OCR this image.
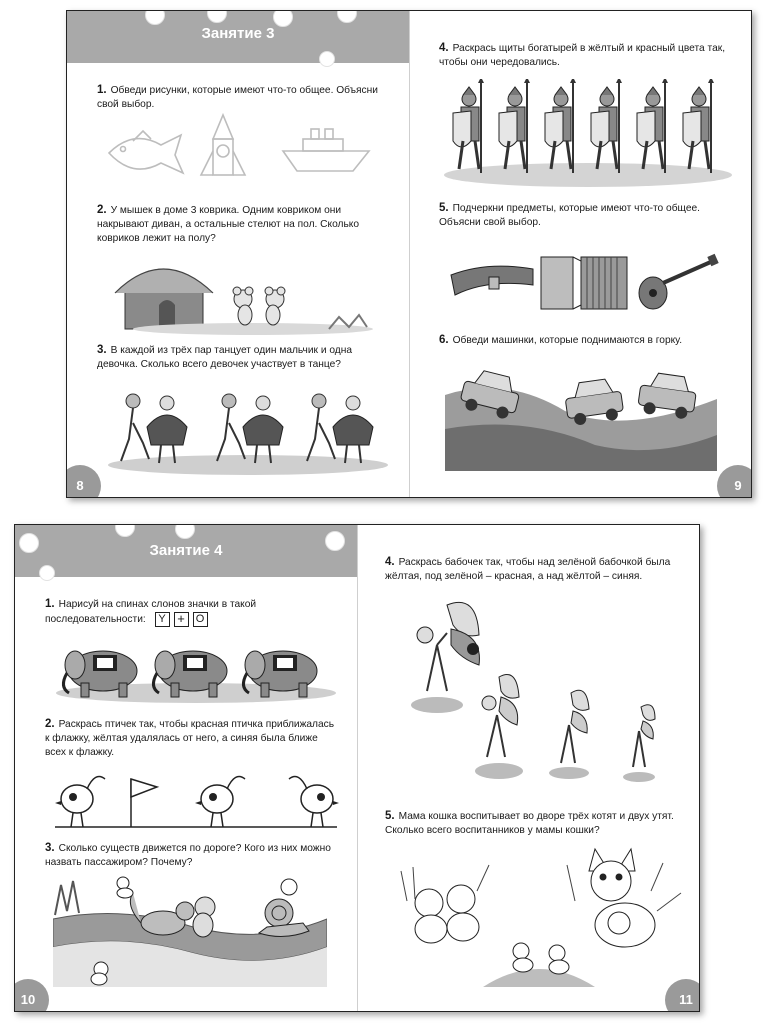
Занятие 3
1. Обведи рисунки, которые имеют что-то общее. Объясни свой выбор.
2. У мышек в доме 3 коврика. Одним ковриком они накрывают диван, а остальные стелют на пол. Сколько ковриков лежит на полу?
3. В каждой из трёх пар танцует один мальчик и одна девочка. Сколько всего девочек участвует в танце?
8
4. Раскрась щиты богатырей в жёлтый и красный цвета так, чтобы они чередовались.
5. Подчеркни предметы, которые имеют что-то общее. Объясни свой выбор.
6. Обведи машинки, которые поднимаются в горку.
9
Занятие 4
1. Нарисуй на спинах слонов значки в такой последовательности:	Y + O
2. Раскрась птичек так, чтобы красная птичка приближалась к флажку, жёлтая удалялась от него, а синяя была ближе всех к флажку.
3. Сколько существ движется по дороге? Кого из них можно назвать пассажиром? Почему?
10
4. Раскрась бабочек так, чтобы над зелёной бабочкой была жёлтая, под зелёной – красная, а над жёлтой – синяя.
5. Мама кошка воспитывает во дворе трёх котят и двух утят. Сколько всего воспитанников у мамы кошки?
11
